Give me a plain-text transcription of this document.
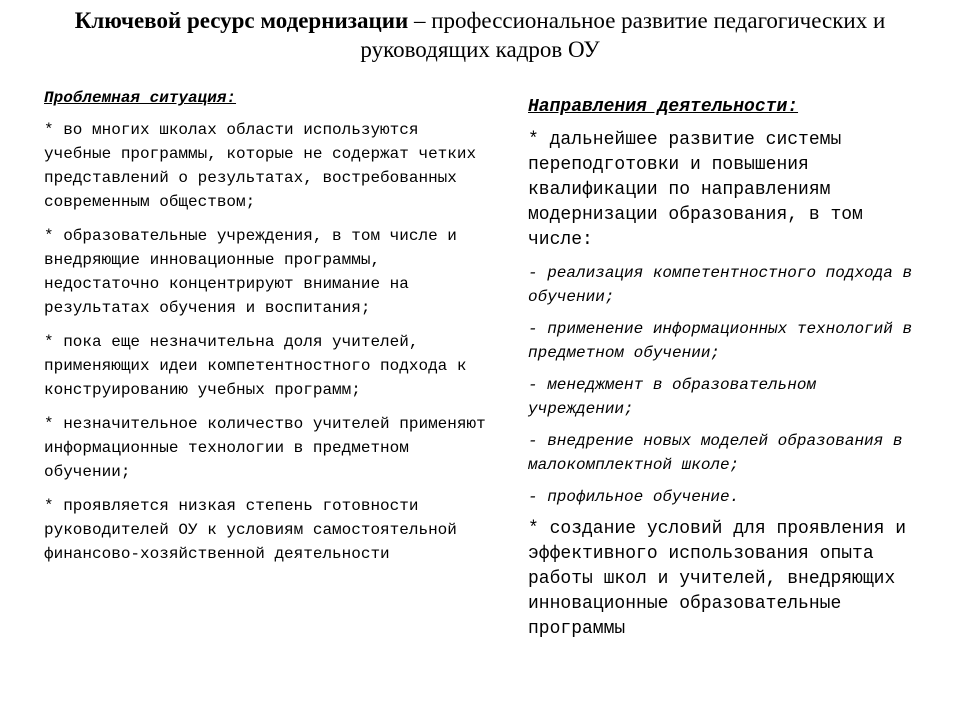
Ключевой ресурс модернизации – профессиональное развитие педагогических и руководящих кадров ОУ
Проблемная ситуация:
* во многих школах области используются учебные программы, которые не содержат четких представлений о результатах, востребованных современным обществом;
* образовательные учреждения, в том числе и внедряющие инновационные программы, недостаточно концентрируют внимание на результатах обучения и воспитания;
* пока еще незначительна доля учителей, применяющих идеи компетентностного подхода к конструированию учебных программ;
* незначительное количество учителей применяют информационные технологии в предметном обучении;
* проявляется низкая степень готовности руководителей ОУ к условиям самостоятельной финансово-хозяйственной деятельности
Направления деятельности:
* дальнейшее развитие системы переподготовки и повышения квалификации по направлениям модернизации образования, в том числе:
- реализация компетентностного подхода в обучении;
- применение информационных технологий в предметном обучении;
- менеджмент в образовательном учреждении;
- внедрение новых моделей образования в малокомплектной школе;
- профильное обучение.
* создание условий для проявления и эффективного использования опыта работы школ и учителей, внедряющих инновационные образовательные программы
